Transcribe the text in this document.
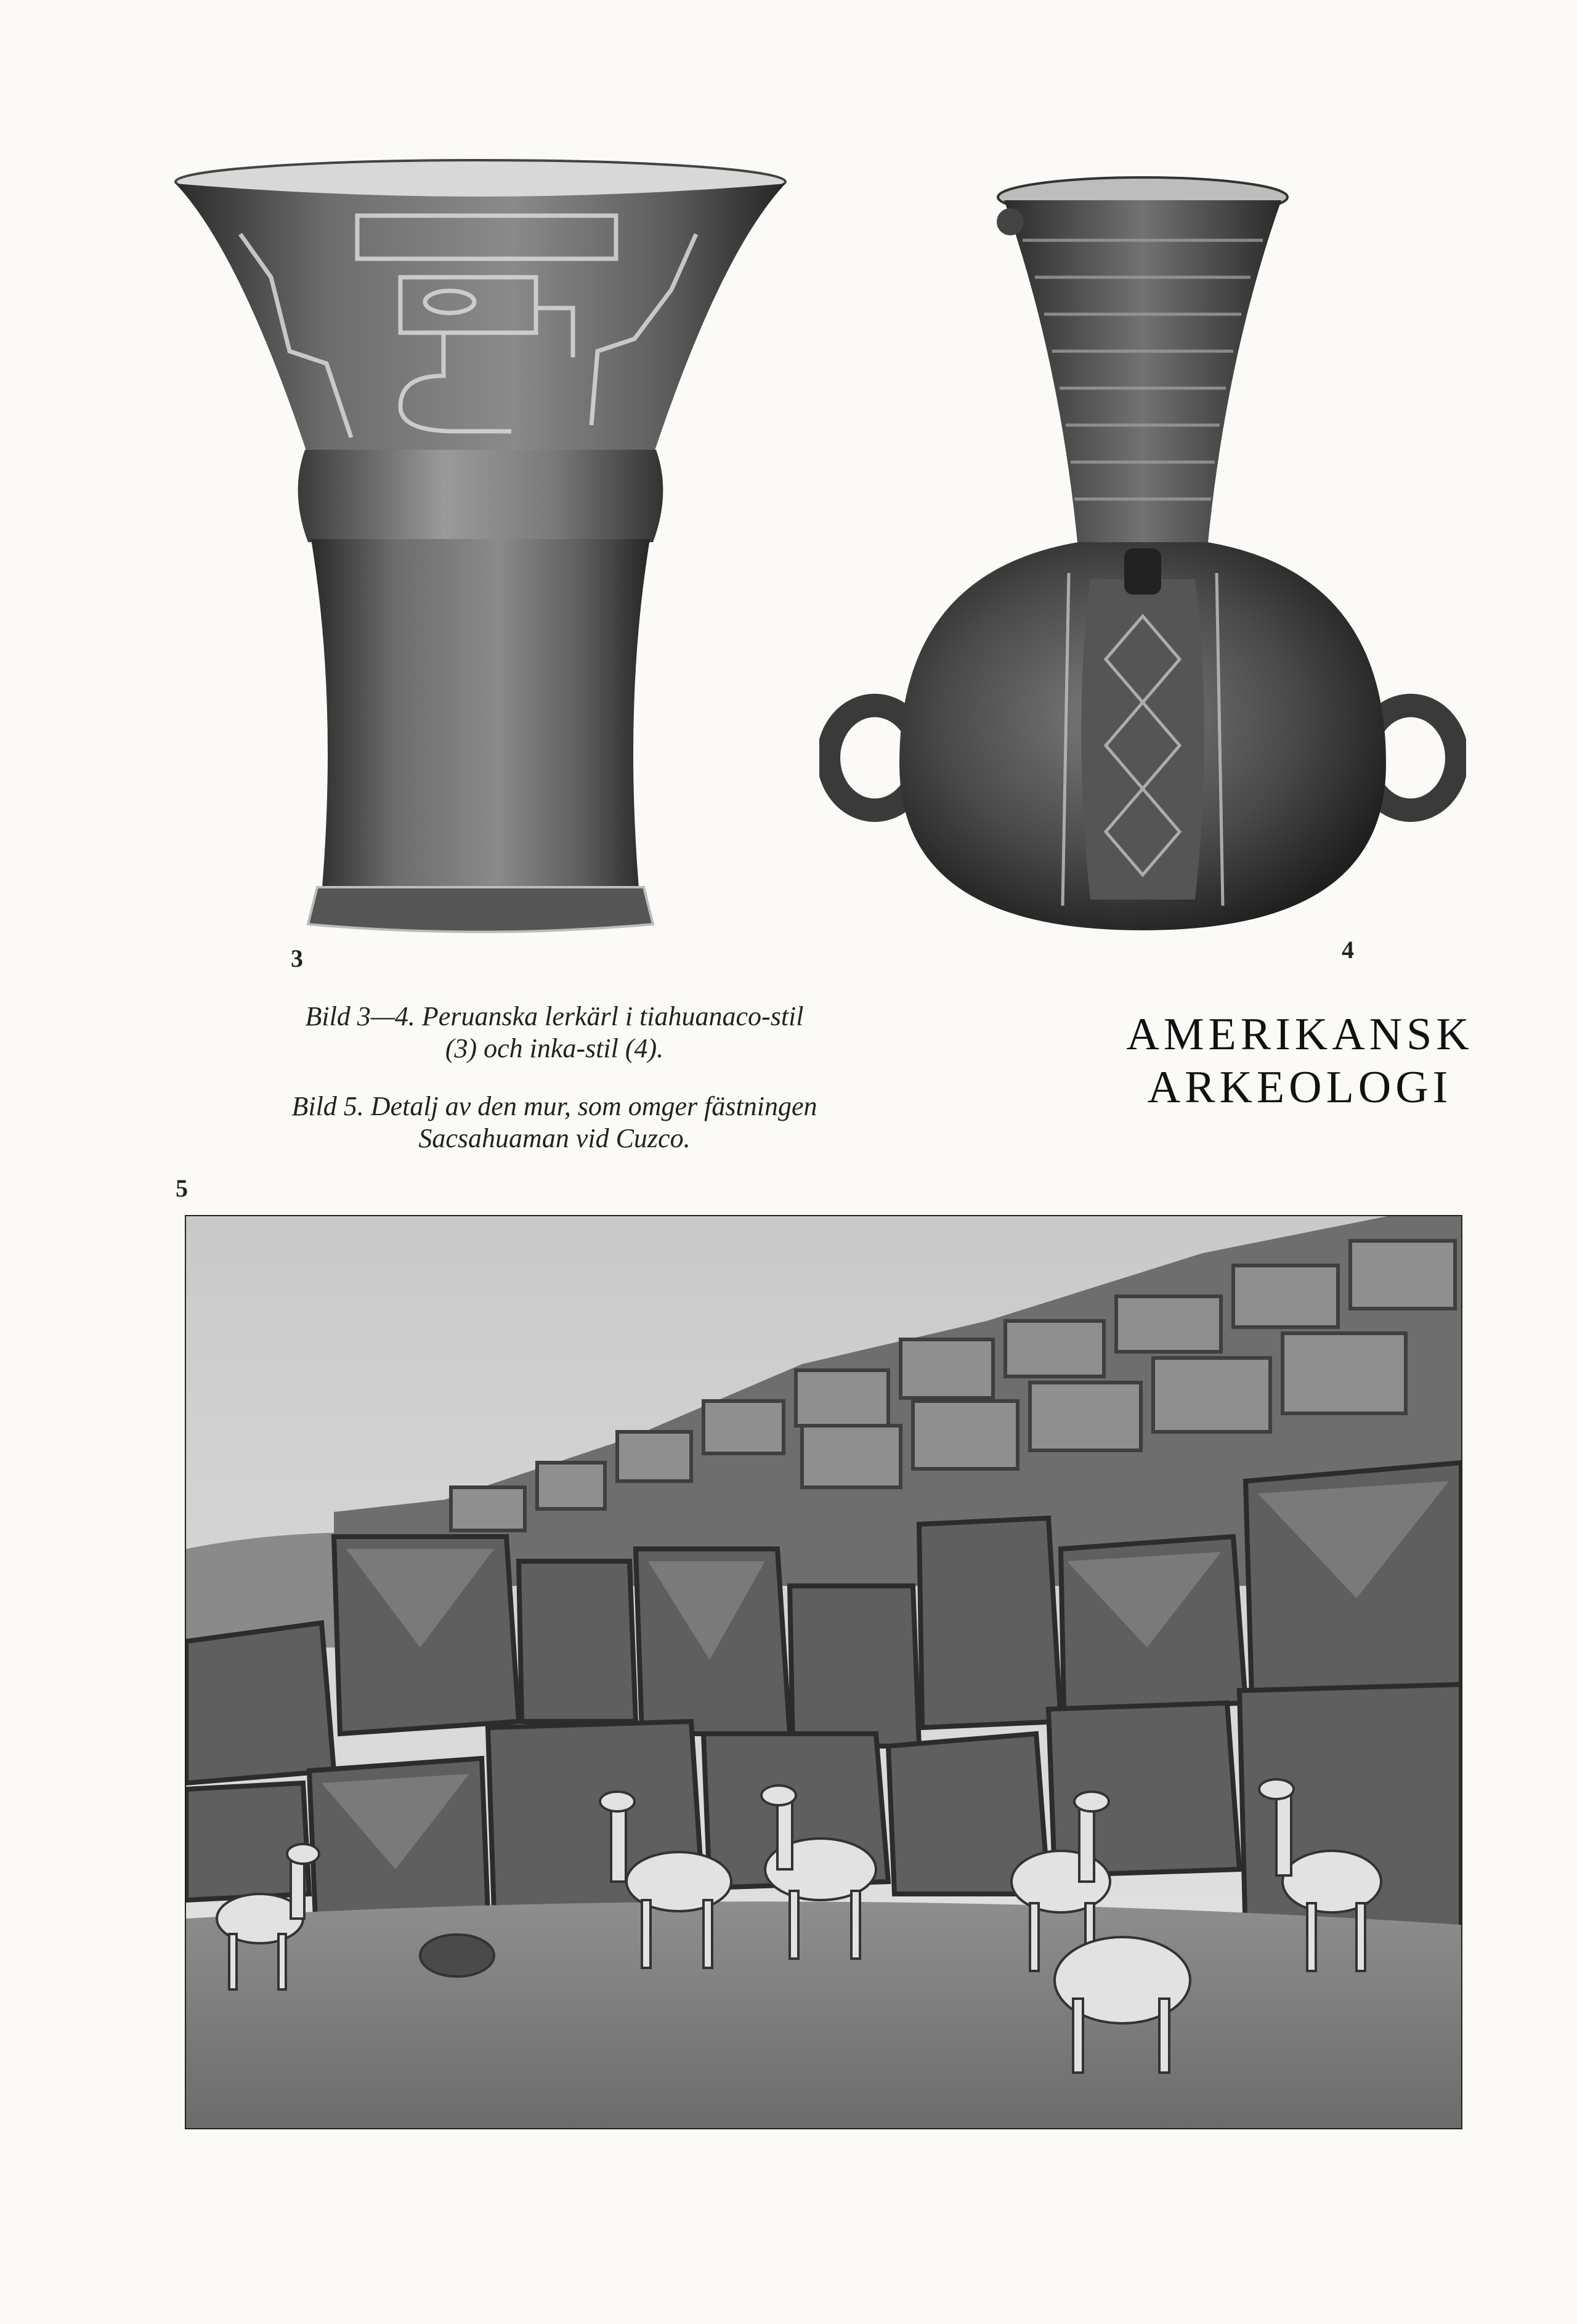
3	4
Bild 3—4. Peruanska lerkärl i tiahuanaco-stil
(3) och inka-stil (4).
Bild 5. Detalj av den mur, som omger fästningen
Sacsahuaman vid Cuzco.
AMERIKANSK
ARKEOLOGI
5
